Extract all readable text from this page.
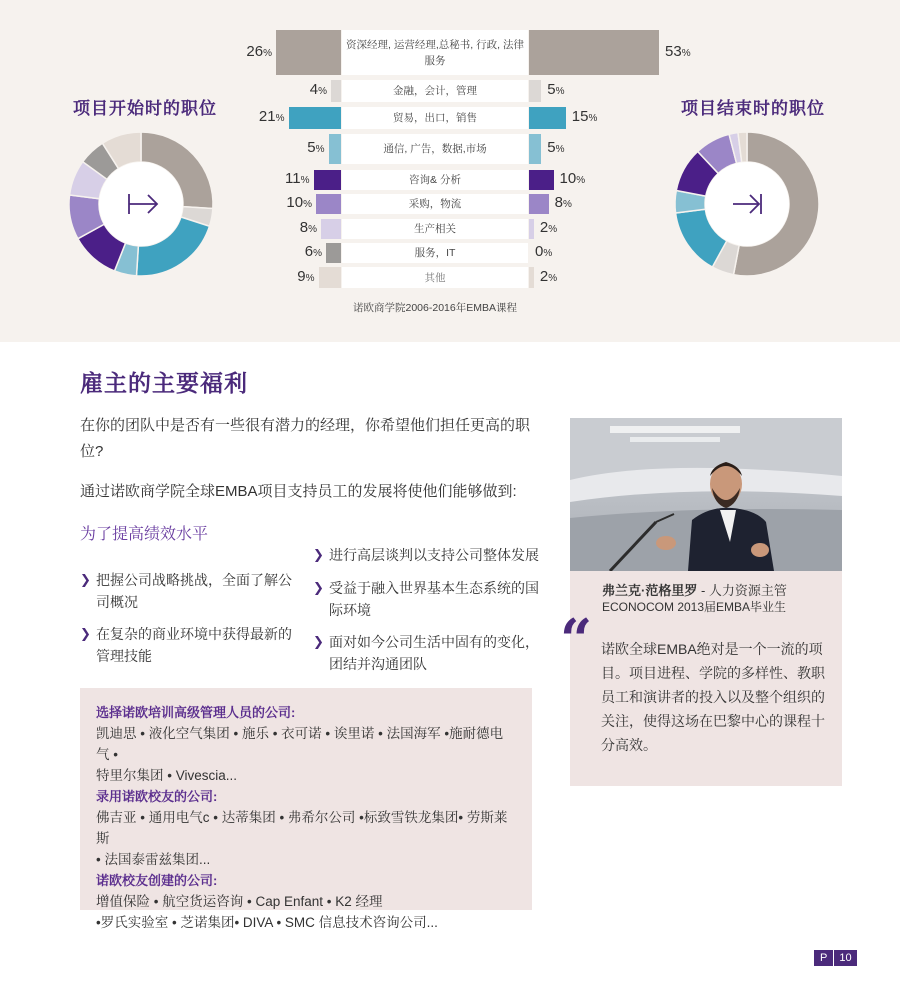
项目开始时的职位	项目结束时的职位
资深经理, 运营经理,总秘书, 行政, 法律服务
26%	53%
金融，会计，管理
4%	5%
贸易，出口，销售
21%	15%
通信, 广告，数据,市场
5%	5%
咨询& 分析
11%	10%
采购，物流
10%	8%
生产相关
8%	2%
服务，IT
6%	0%
其他
9%	2%
诺欧商学院2006-2016年EMBA课程
雇主的主要福利
在你的团队中是否有一些很有潜力的经理，你希望他们担任更高的职位?
通过诺欧商学院全球EMBA项目支持员工的发展将使他们能够做到:
为了提高绩效水平
❯ 把握公司战略挑战，全面了解公司概况
❯ 在复杂的商业环境中获得最新的管理技能
❯ 进行高层谈判以支持公司整体发展
❯ 受益于融入世界基本生态系统的国际环境
❯ 面对如今公司生活中固有的变化，团结并沟通团队
选择诺欧培训高级管理人员的公司:
凯迪思 • 液化空气集团 • 施乐 • 衣可诺 • 诶里诺 • 法国海军 •施耐德电气 •
特里尔集团 • Vivescia...
录用诺欧校友的公司:
佛吉亚 • 通用电气c • 达蒂集团 • 弗希尔公司 •标致雪铁龙集团• 劳斯莱斯
• 法国泰雷兹集团...
诺欧校友创建的公司:
增值保险 • 航空货运咨询 • Cap Enfant • K2 经理
•罗氏实验室 • 芝诺集团• DIVA • SMC 信息技术咨询公司...
弗兰克·范格里罗 - 人力资源主管
ECONOCOM 2013届EMBA毕业生
“ 诺欧全球EMBA绝对是一个一流的项目。项目进程、学院的多样性、教职员工和演讲者的投入以及整个组织的关注，使得这场在巴黎中心的课程十分高效。
P	10
